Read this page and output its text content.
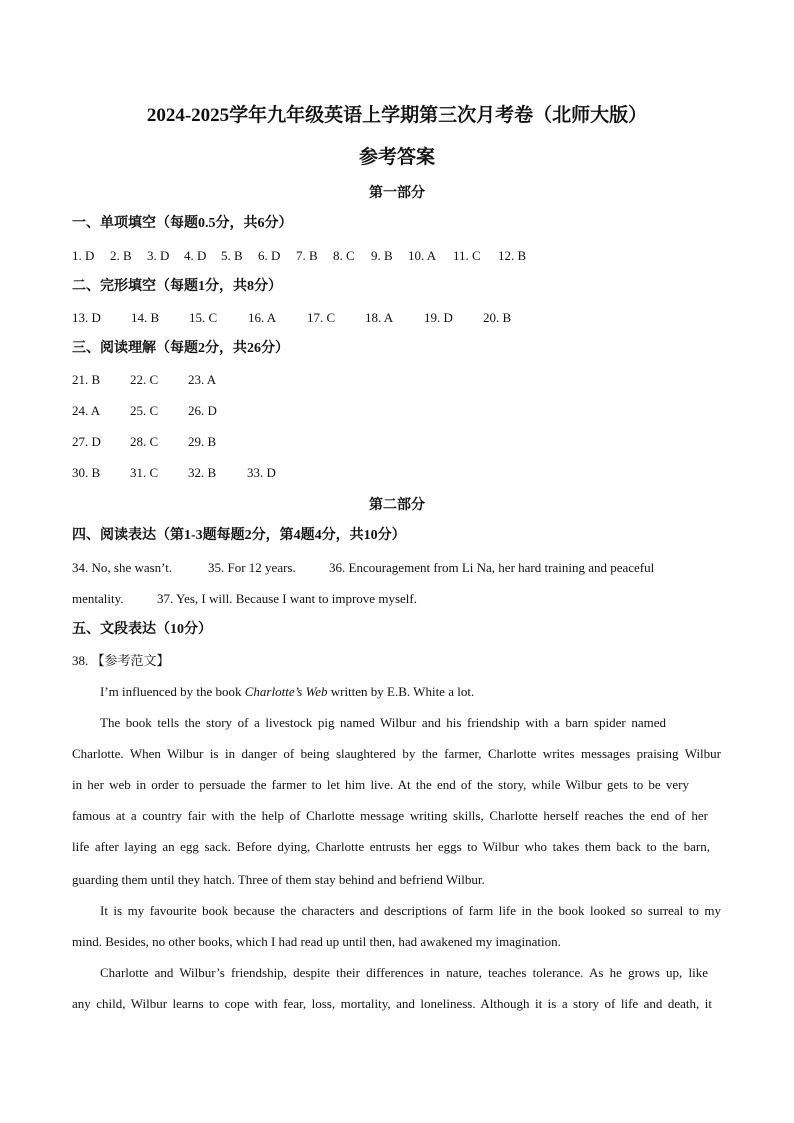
2024-2025学年九年级英语上学期第三次月考卷（北师大版）
参考答案
第一部分
一、单项填空（每题0.5分，共6分）
1. D 2. B 3. D 4. D 5. B 6. D 7. B 8. C 9. B 10. A 11. C 12. B
二、完形填空（每题1分，共8分）
13. D 14. B 15. C 16. A 17. C 18. A 19. D 20. B
三、阅读理解（每题2分，共26分）
21. B 22. C 23. A
24. A 25. C 26. D
27. D 28. C 29. B
30. B 31. C 32. B 33. D
第二部分
四、阅读表达（第1-3题每题2分，第4题4分，共10分）
34. No, she wasn’t.	35. For 12 years.	36. Encouragement from Li Na, her hard training and peaceful
mentality.	37. Yes, I will. Because I want to improve myself.
五、文段表达（10分）
38. 【参考范文】
I’m influenced by the book Charlotte’s Web written by E.B. White a lot.
The book tells the story of a livestock pig named Wilbur and his friendship with a barn spider named
Charlotte. When Wilbur is in danger of being slaughtered by the farmer, Charlotte writes messages praising Wilbur
in her web in order to persuade the farmer to let him live. At the end of the story, while Wilbur gets to be very
famous at a country fair with the help of Charlotte message writing skills, Charlotte herself reaches the end of her
life after laying an egg sack. Before dying, Charlotte entrusts her eggs to Wilbur who takes them back to the barn,
guarding them until they hatch. Three of them stay behind and befriend Wilbur.
It is my favourite book because the characters and descriptions of farm life in the book looked so surreal to my
mind. Besides, no other books, which I had read up until then, had awakened my imagination.
Charlotte and Wilbur’s friendship, despite their differences in nature, teaches tolerance. As he grows up, like
any child, Wilbur learns to cope with fear, loss, mortality, and loneliness. Although it is a story of life and death, it
